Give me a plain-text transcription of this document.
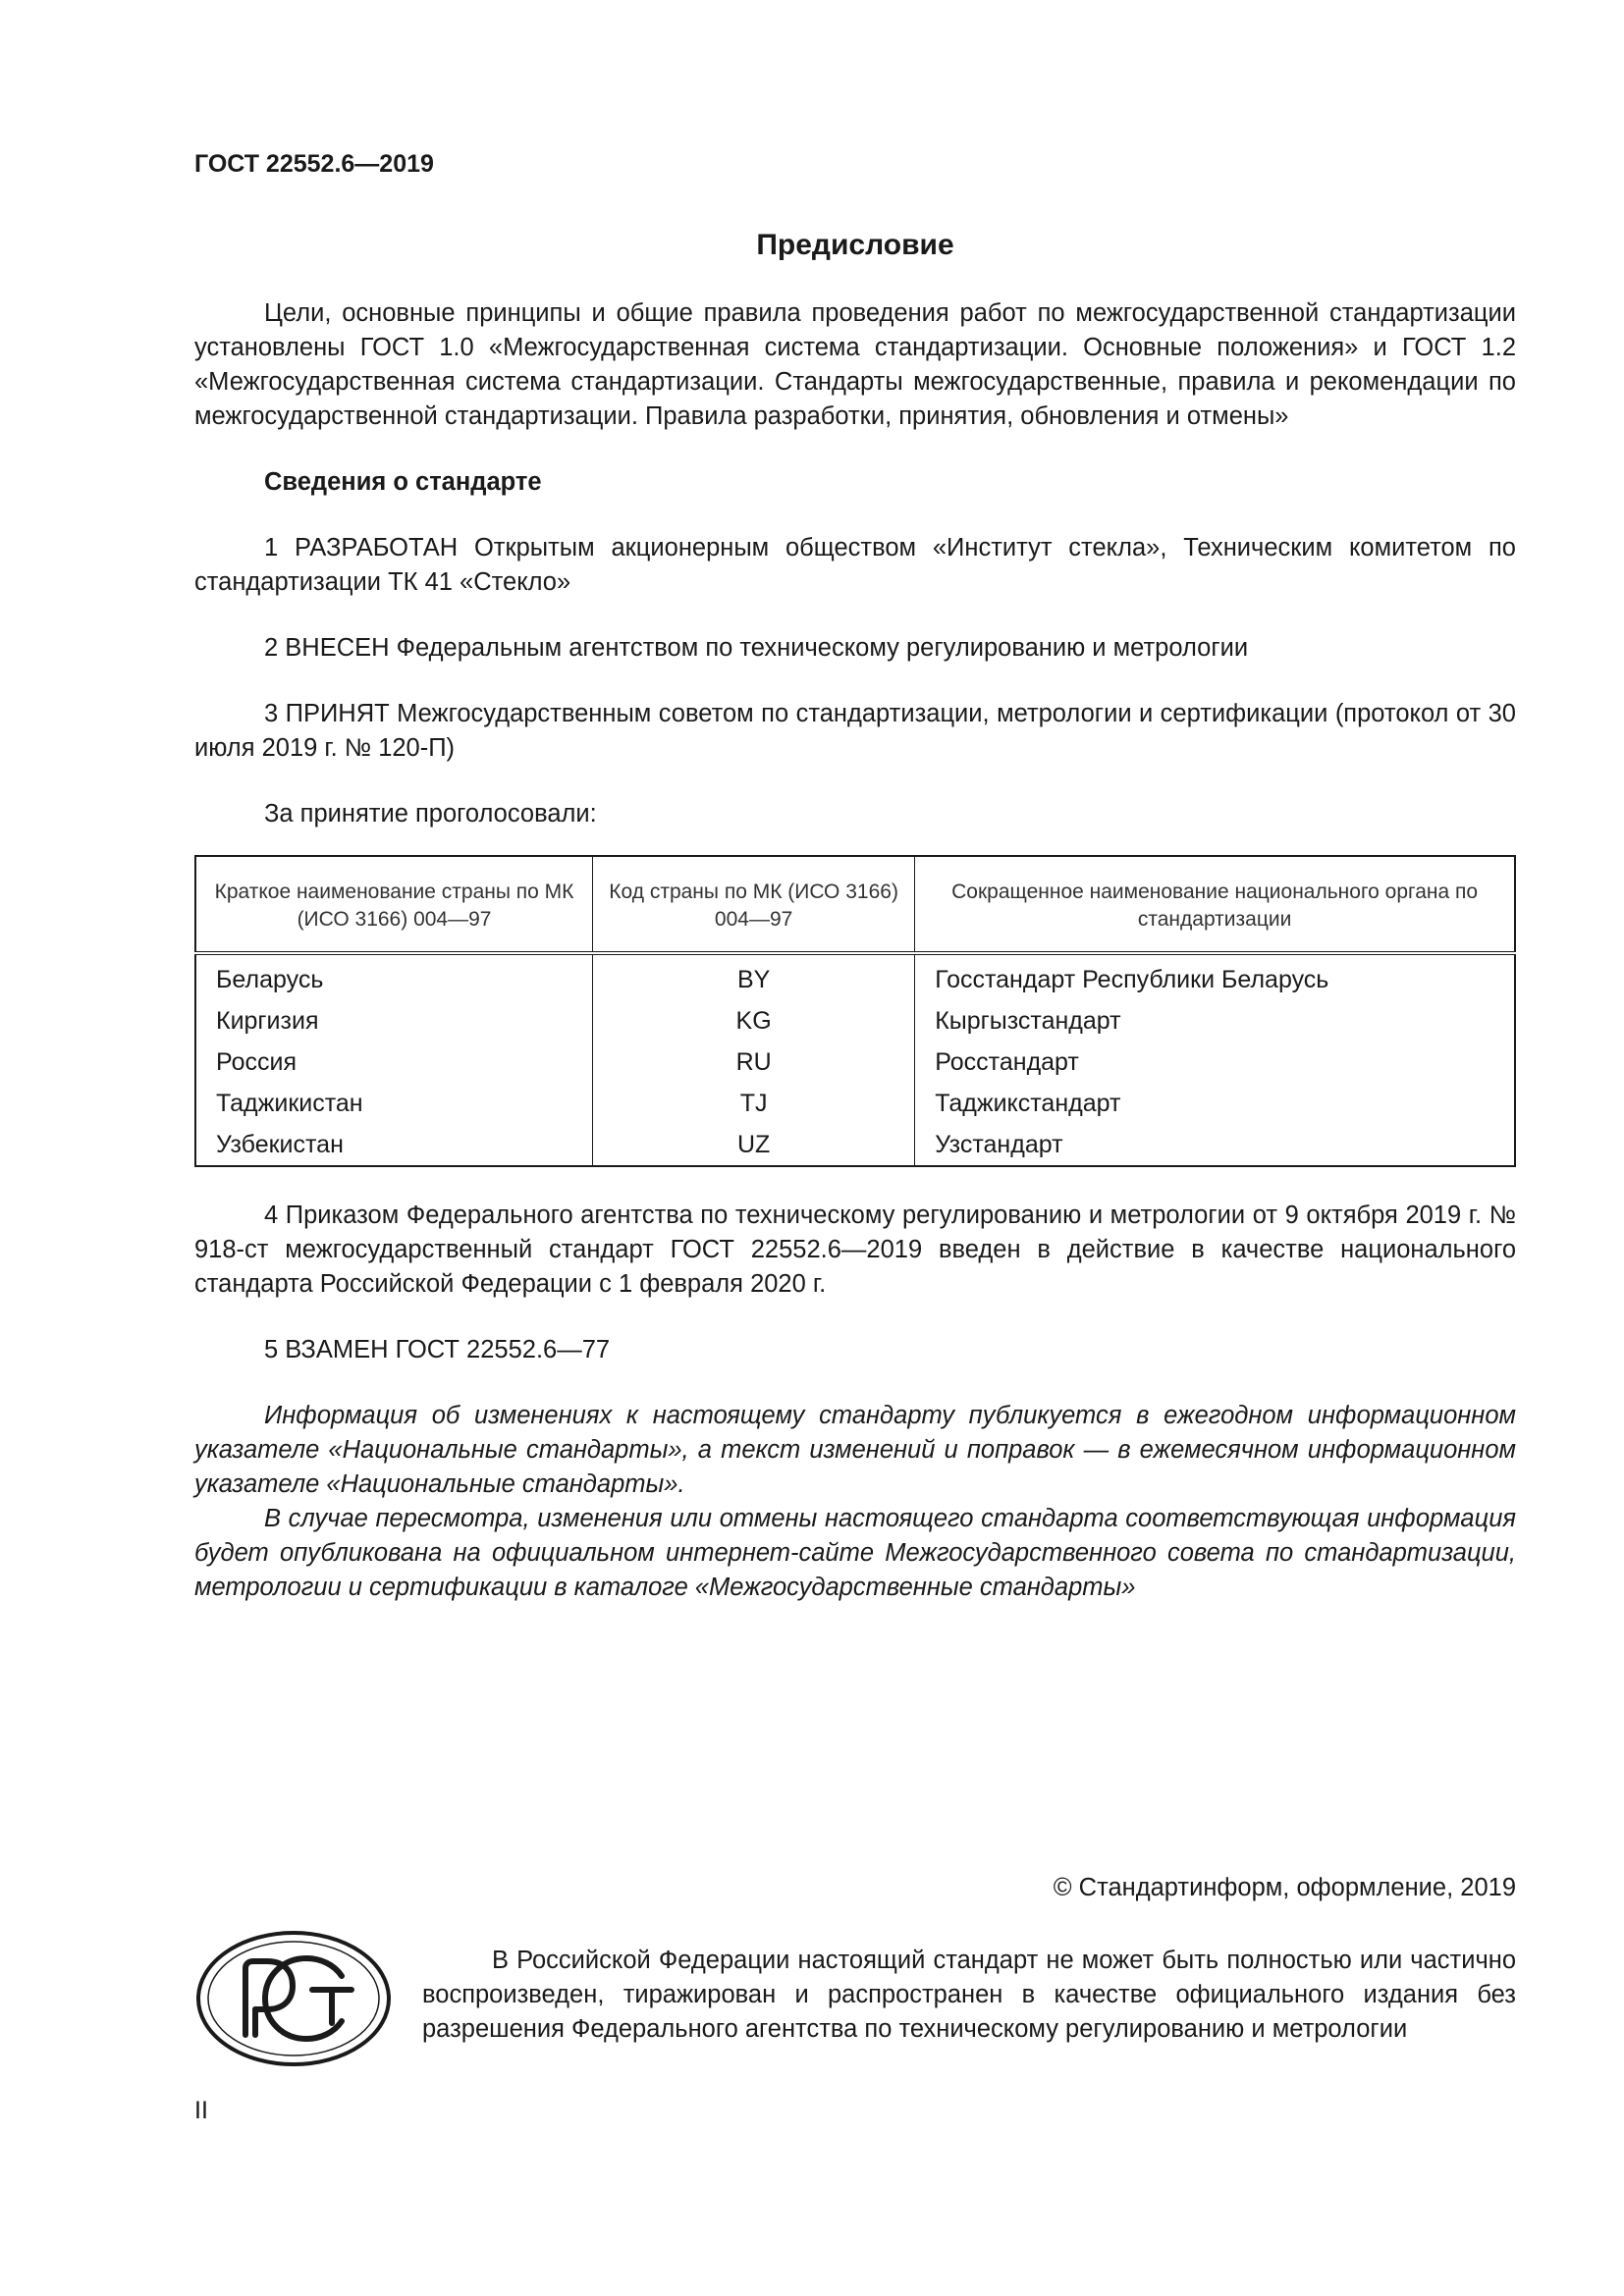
ГОСТ 22552.6—2019
Предисловие

Цели, основные принципы и общие правила проведения работ по межгосударственной стандартизации установлены ГОСТ 1.0 «Межгосударственная система стандартизации. Основные положения» и ГОСТ 1.2 «Межгосударственная система стандартизации. Стандарты межгосударственные, правила и рекомендации по межгосударственной стандартизации. Правила разработки, принятия, обновления и отмены»

Сведения о стандарте

1 РАЗРАБОТАН Открытым акционерным обществом «Институт стекла», Техническим комитетом по стандартизации ТК 41 «Стекло»

2 ВНЕСЕН Федеральным агентством по техническому регулированию и метрологии

3 ПРИНЯТ Межгосударственным советом по стандартизации, метрологии и сертификации (протокол от 30 июля 2019 г. № 120-П)

За принятие проголосовали:

Краткое наименование страны по МК (ИСО 3166) 004—97	Код страны по МК (ИСО 3166) 004—97	Сокращенное наименование национального органа по стандартизации
Беларусь	BY	Госстандарт Республики Беларусь
Киргизия	KG	Кыргызстандарт
Россия	RU	Росстандарт
Таджикистан	TJ	Таджикстандарт
Узбекистан	UZ	Узстандарт

4 Приказом Федерального агентства по техническому регулированию и метрологии от 9 октября 2019 г. № 918-ст межгосударственный стандарт ГОСТ 22552.6—2019 введен в действие в качестве национального стандарта Российской Федерации с 1 февраля 2020 г.

5 ВЗАМЕН ГОСТ 22552.6—77

Информация об изменениях к настоящему стандарту публикуется в ежегодном информационном указателе «Национальные стандарты», а текст изменений и поправок — в ежемесячном информационном указателе «Национальные стандарты».

В случае пересмотра, изменения или отмены настоящего стандарта соответствующая информация будет опубликована на официальном интернет-сайте Межгосударственного совета по стандартизации, метрологии и сертификации в каталоге «Межгосударственные стандарты»

© Стандартинформ, оформление, 2019

В Российской Федерации настоящий стандарт не может быть полностью или частично воспроизведен, тиражирован и распространен в качестве официального издания без разрешения Федерального агентства по техническому регулированию и метрологии

II
